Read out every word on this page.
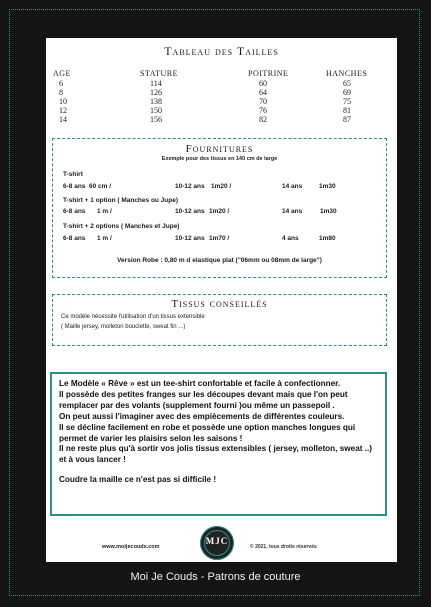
Tableau des Tailles
AGE	STATURE	POITRINE	HANCHES
6	114	60	65
8	126	64	69
10	138	70	75
12	150	76	81
14	156	82	87
Fournitures
Exemple pour des tissus en 140 cm de large
T-shirt
6-8 ans 60 cm /	10-12 ans 1m20 /	14 ans	1m30
T-shirt + 1 option ( Manches ou Jupe)
6-8 ans 1 m /	10-12 ans 1m20 /	14 ans	1m30
T-shirt + 2 options ( Manches et Jupe)
6-8 ans 1 m /	10-12 ans 1m70 /	4 ans	1m80
Version Robe : 0,80 m d elastique plat ("06mm ou 08mm de large")
Tissus conseillés
Ce modèle nécessite l'utilisation d'un tissus extensible
( Maille jersey, molleton bouclette, sweat fin ...)

Le Modèle « Rêve » est un tee-shirt confortable et facile à confectionner.

Il possède des petites franges sur les découpes devant mais que l'on peut remplacer par des volants (supplement fourni )ou même un passepoil .

On peut aussi l'imaginer avec des empiècements de différentes couleurs.

Il se décline facilement en robe et possède une option manches longues qui permet de varier les plaisirs selon les saisons !

Il ne reste plus qu'à sortir vos jolis tissus extensibles ( jersey, molleton, sweat ..) et à vous lancer !

Coudre la maille ce n'est pas si difficile !

www.moijecouds.com
MJC
© 2021, tous droits réservés
Moi Je Couds - Patrons de couture
